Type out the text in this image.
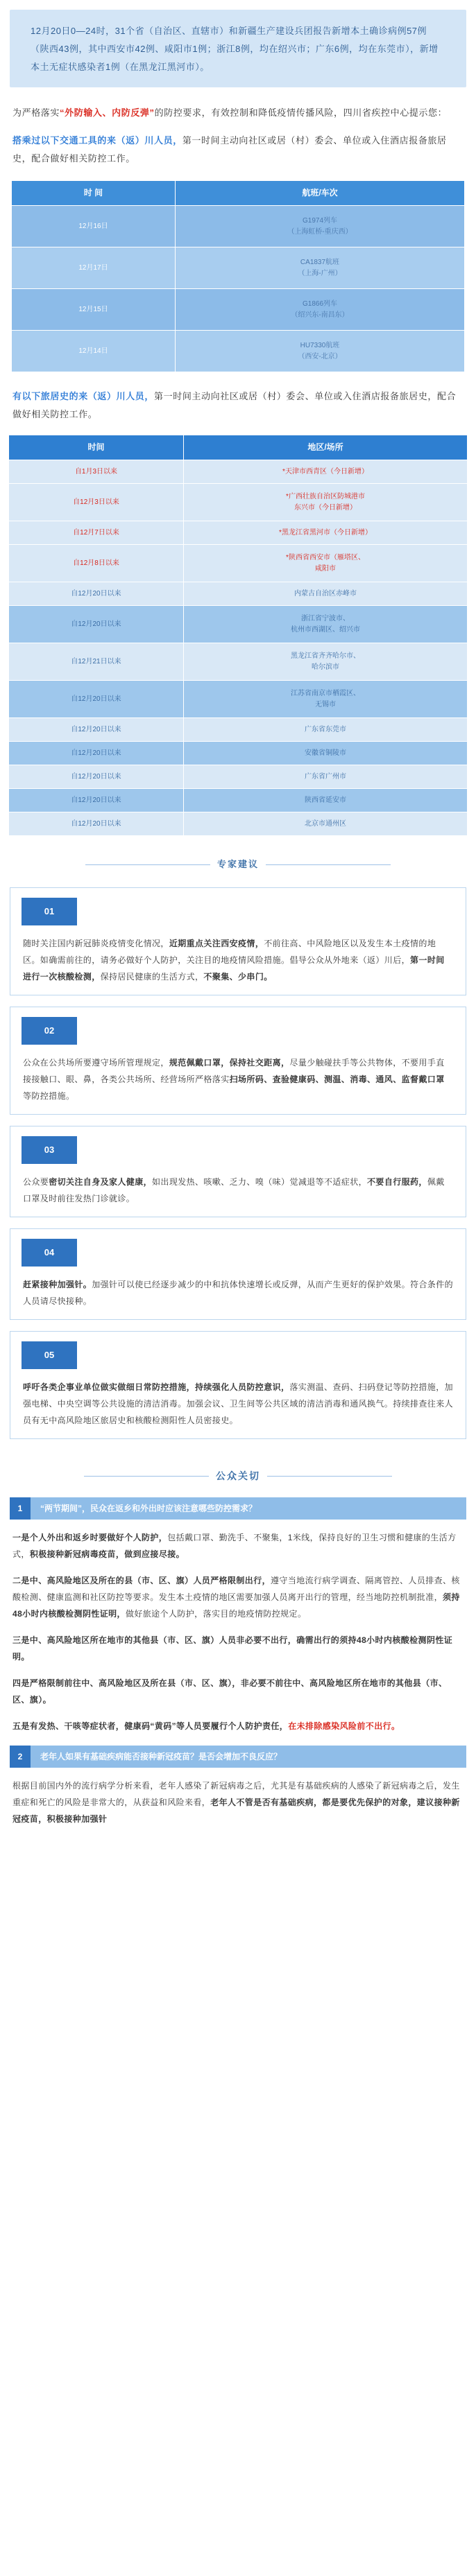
12月20日0—24时，31个省（自治区、直辖市）和新疆生产建设兵团报告新增本土确诊病例57例（陕西43例，其中西安市42例、咸阳市1例；浙江8例，均在绍兴市；广东6例，均在东莞市），新增本土无症状感染者1例（在黑龙江黑河市）。
为严格落实“外防输入、内防反弹”的防控要求，有效控制和降低疫情传播风险，四川省疾控中心提示您：
搭乘过以下交通工具的来（返）川人员，第一时间主动向社区或居（村）委会、单位或入住酒店报备旅居史，配合做好相关防控工作。
时 间	航班/车次
12月16日	G1974列车
（上海虹桥-重庆西）

12月17日	CA1837航班
（上海-广州）

12月15日	G1866列车
（绍兴东-南昌东）

12月14日	HU7330航班
（西安-北京）
有以下旅居史的来（返）川人员，第一时间主动向社区或居（村）委会、单位或入住酒店报备旅居史，配合做好相关防控工作。
时间	地区/场所
自1月3日以来	*天津市西青区（今日新增）

自12月3日以来	*广西壮族自治区防城港市
东兴市（今日新增）

自12月7日以来	*黑龙江省黑河市（今日新增）

自12月8日以来	*陕西省西安市（雁塔区、
咸阳市

自12月20日以来	内蒙古自治区赤峰市

自12月20日以来	浙江省宁波市、
杭州市西湖区、绍兴市

自12月21日以来	黑龙江省齐齐哈尔市、
哈尔滨市

自12月20日以来	江苏省南京市栖霞区、
无锡市

自12月20日以来	广东省东莞市

自12月20日以来	安徽省铜陵市

自12月20日以来	广东省广州市

自12月20日以来	陕西省延安市

自12月20日以来	北京市通州区
专家建议
01
随时关注国内新冠肺炎疫情变化情况，近期重点关注西安疫情，不前往高、中风险地区以及发生本土疫情的地区。如确需前往的，请务必做好个人防护，关注目的地疫情风险措施。倡导公众从外地来（返）川后，第一时间进行一次核酸检测，保持居民健康的生活方式，不聚集、少串门。
02
公众在公共场所要遵守场所管理规定，规范佩戴口罩，保持社交距离，尽量少触碰扶手等公共物体，不要用手直接接触口、眼、鼻，各类公共场所、经营场所严格落实扫场所码、查验健康码、测温、消毒、通风、监督戴口罩等防控措施。
03
公众要密切关注自身及家人健康，如出现发热、咳嗽、乏力、嗅（味）觉减退等不适症状，不要自行服药，佩戴口罩及时前往发热门诊就诊。
04
赶紧接种加强针。加强针可以使已经逐步减少的中和抗体快速增长或反弹，从而产生更好的保护效果。符合条件的人员请尽快接种。
05
呼吁各类企事业单位做实做细日常防控措施，持续强化人员防控意识，落实测温、查码、扫码登记等防控措施，加强电梯、中央空调等公共设施的清洁消毒。加强会议、卫生间等公共区域的清洁消毒和通风换气。持续排查往来人员有无中高风险地区旅居史和核酸检测阳性人员密接史。
公众关切
1	“两节期间”，民众在返乡和外出时应该注意哪些防控需求？
一是个人外出和返乡时要做好个人防护，包括戴口罩、勤洗手、不聚集，1米线，保持良好的卫生习惯和健康的生活方式，积极接种新冠病毒疫苗，做到应接尽接。
二是中、高风险地区及所在的县（市、区、旗）人员严格限制出行，遵守当地流行病学调查、隔离管控、人员排查、核酸检测、健康监测和社区防控等要求。发生本土疫情的地区需要加强人员离开出行的管理，经当地防控机制批准，须持48小时内核酸检测阴性证明，做好旅途个人防护，落实目的地疫情防控规定。
三是中、高风险地区所在地市的其他县（市、区、旗）人员非必要不出行，确需出行的须持48小时内核酸检测阴性证明。
四是严格限制前往中、高风险地区及所在县（市、区、旗），非必要不前往中、高风险地区所在地市的其他县（市、区、旗）。
五是有发热、干咳等症状者，健康码“黄码”等人员要履行个人防护责任，在未排除感染风险前不出行。
2	老年人如果有基础疾病能否接种新冠疫苗？是否会增加不良反应？
根据目前国内外的流行病学分析来看，老年人感染了新冠病毒之后，尤其是有基础疾病的人感染了新冠病毒之后，发生重症和死亡的风险是非常大的，从获益和风险来看，老年人不管是否有基础疾病，都是要优先保护的对象，建议接种新冠疫苗，积极接种加强针
